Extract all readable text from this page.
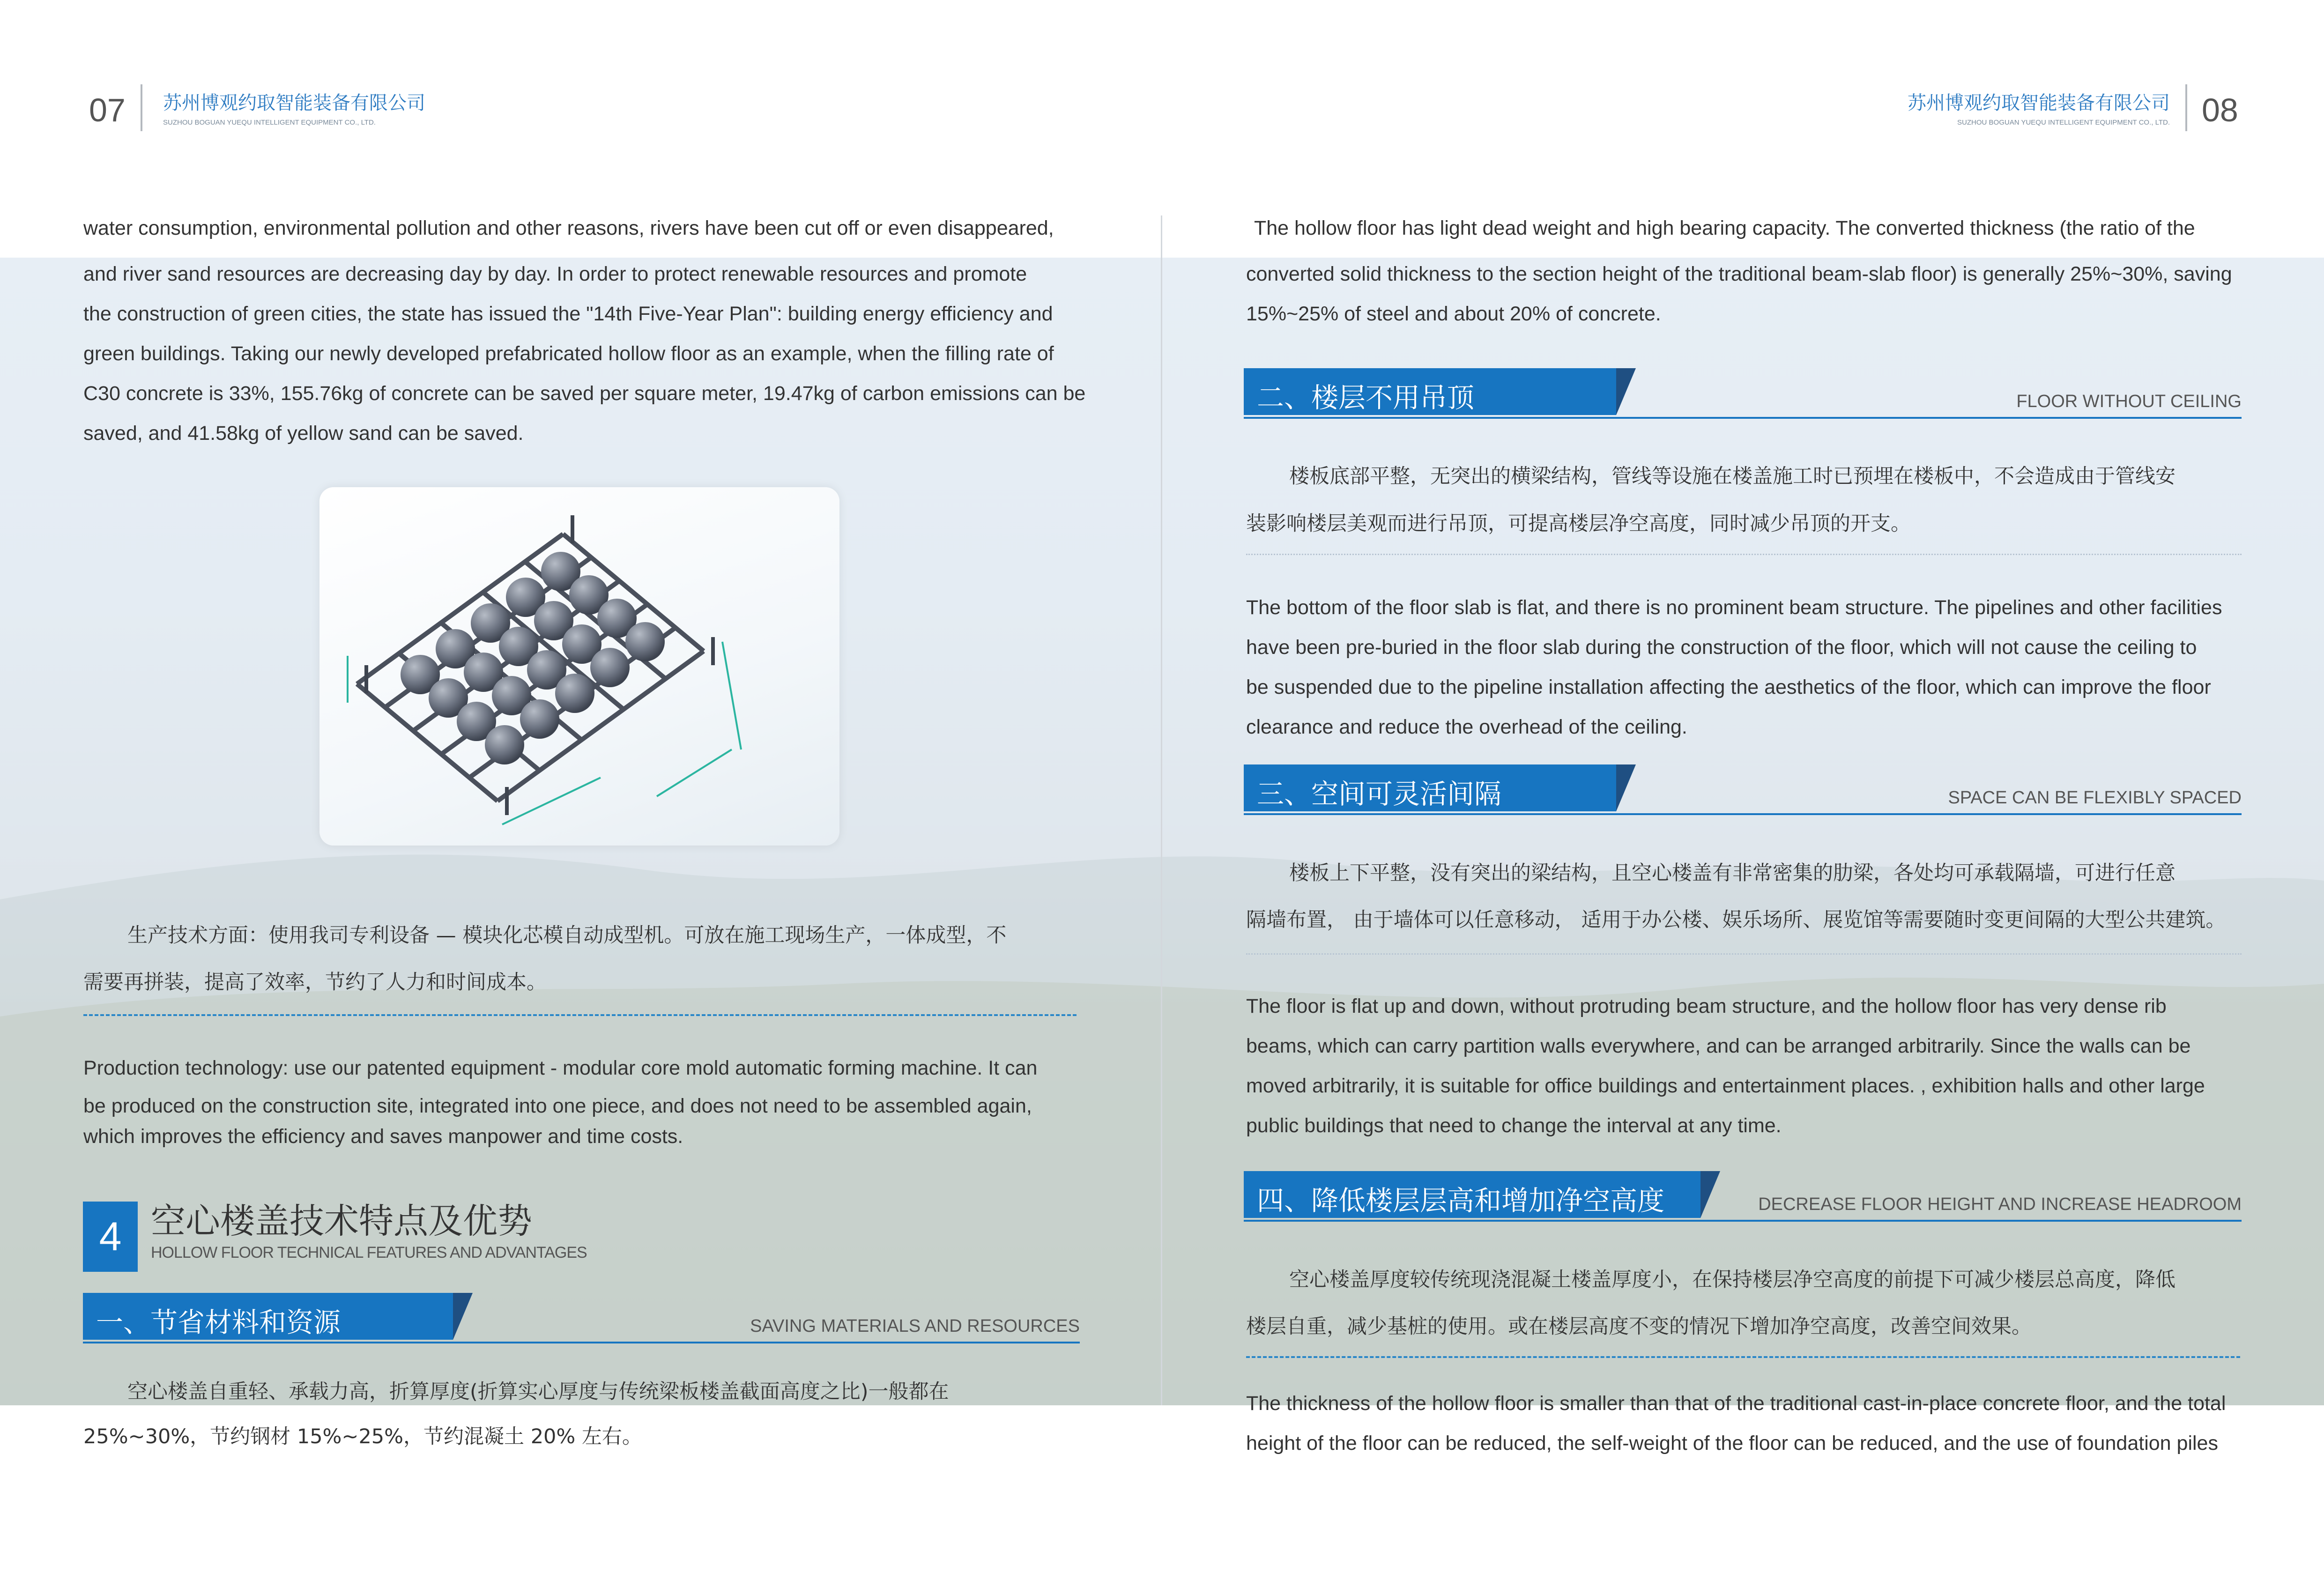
07 苏州博观约取智能装备有限公司
SUZHOU BOGUAN YUEQU INTELLIGENT EQUIPMENT CO., LTD.
苏州博观约取智能装备有限公司
SUZHOU BOGUAN YUEQU INTELLIGENT EQUIPMENT CO., LTD. 08
water consumption, environmental pollution and other reasons, rivers have been cut off or even disappeared,
and river sand resources are decreasing day by day. In order to protect renewable resources and promote
the construction of green cities, the state has issued the "14th Five-Year Plan": building energy efficiency and
green buildings. Taking our newly developed prefabricated hollow floor as an example, when the filling rate of
C30 concrete is 33%, 155.76kg of concrete can be saved per square meter, 19.47kg of carbon emissions can be
saved, and 41.58kg of yellow sand can be saved.
生产技术方面：使用我司专利设备 — 模块化芯模自动成型机。可放在施工现场生产，一体成型，不
需要再拼装，提高了效率，节约了人力和时间成本。
Production technology: use our patented equipment - modular core mold automatic forming machine. It can
be produced on the construction site, integrated into one piece, and does not need to be assembled again,
which improves the efficiency and saves manpower and time costs.
4 空心楼盖技术特点及优势
HOLLOW FLOOR TECHNICAL FEATURES AND ADVANTAGES
一、节省材料和资源	SAVING MATERIALS AND RESOURCES
空心楼盖自重轻、承载力高，折算厚度(折算实心厚度与传统梁板楼盖截面高度之比)一般都在
25%~30%，节约钢材 15%~25%，节约混凝土 20% 左右。
The hollow floor has light dead weight and high bearing capacity. The converted thickness (the ratio of the
converted solid thickness to the section height of the traditional beam-slab floor) is generally 25%~30%, saving
15%~25% of steel and about 20% of concrete.
二、楼层不用吊顶	FLOOR WITHOUT CEILING
楼板底部平整，无突出的横梁结构，管线等设施在楼盖施工时已预埋在楼板中，不会造成由于管线安
装影响楼层美观而进行吊顶，可提高楼层净空高度，同时减少吊顶的开支。
The bottom of the floor slab is flat, and there is no prominent beam structure. The pipelines and other facilities
have been pre-buried in the floor slab during the construction of the floor, which will not cause the ceiling to
be suspended due to the pipeline installation affecting the aesthetics of the floor, which can improve the floor
clearance and reduce the overhead of the ceiling.
三、空间可灵活间隔	SPACE CAN BE FLEXIBLY SPACED
楼板上下平整，没有突出的梁结构，且空心楼盖有非常密集的肋梁，各处均可承载隔墙，可进行任意
隔墙布置， 由于墙体可以任意移动， 适用于办公楼、娱乐场所、展览馆等需要随时变更间隔的大型公共建筑。
The floor is flat up and down, without protruding beam structure, and the hollow floor has very dense rib
beams, which can carry partition walls everywhere, and can be arranged arbitrarily. Since the walls can be
moved arbitrarily, it is suitable for office buildings and entertainment places. , exhibition halls and other large
public buildings that need to change the interval at any time.
四、降低楼层层高和增加净空高度	DECREASE FLOOR HEIGHT AND INCREASE HEADROOM
空心楼盖厚度较传统现浇混凝土楼盖厚度小，在保持楼层净空高度的前提下可减少楼层总高度，降低
楼层自重，减少基桩的使用。或在楼层高度不变的情况下增加净空高度，改善空间效果。
The thickness of the hollow floor is smaller than that of the traditional cast-in-place concrete floor, and the total
height of the floor can be reduced, the self-weight of the floor can be reduced, and the use of foundation piles
